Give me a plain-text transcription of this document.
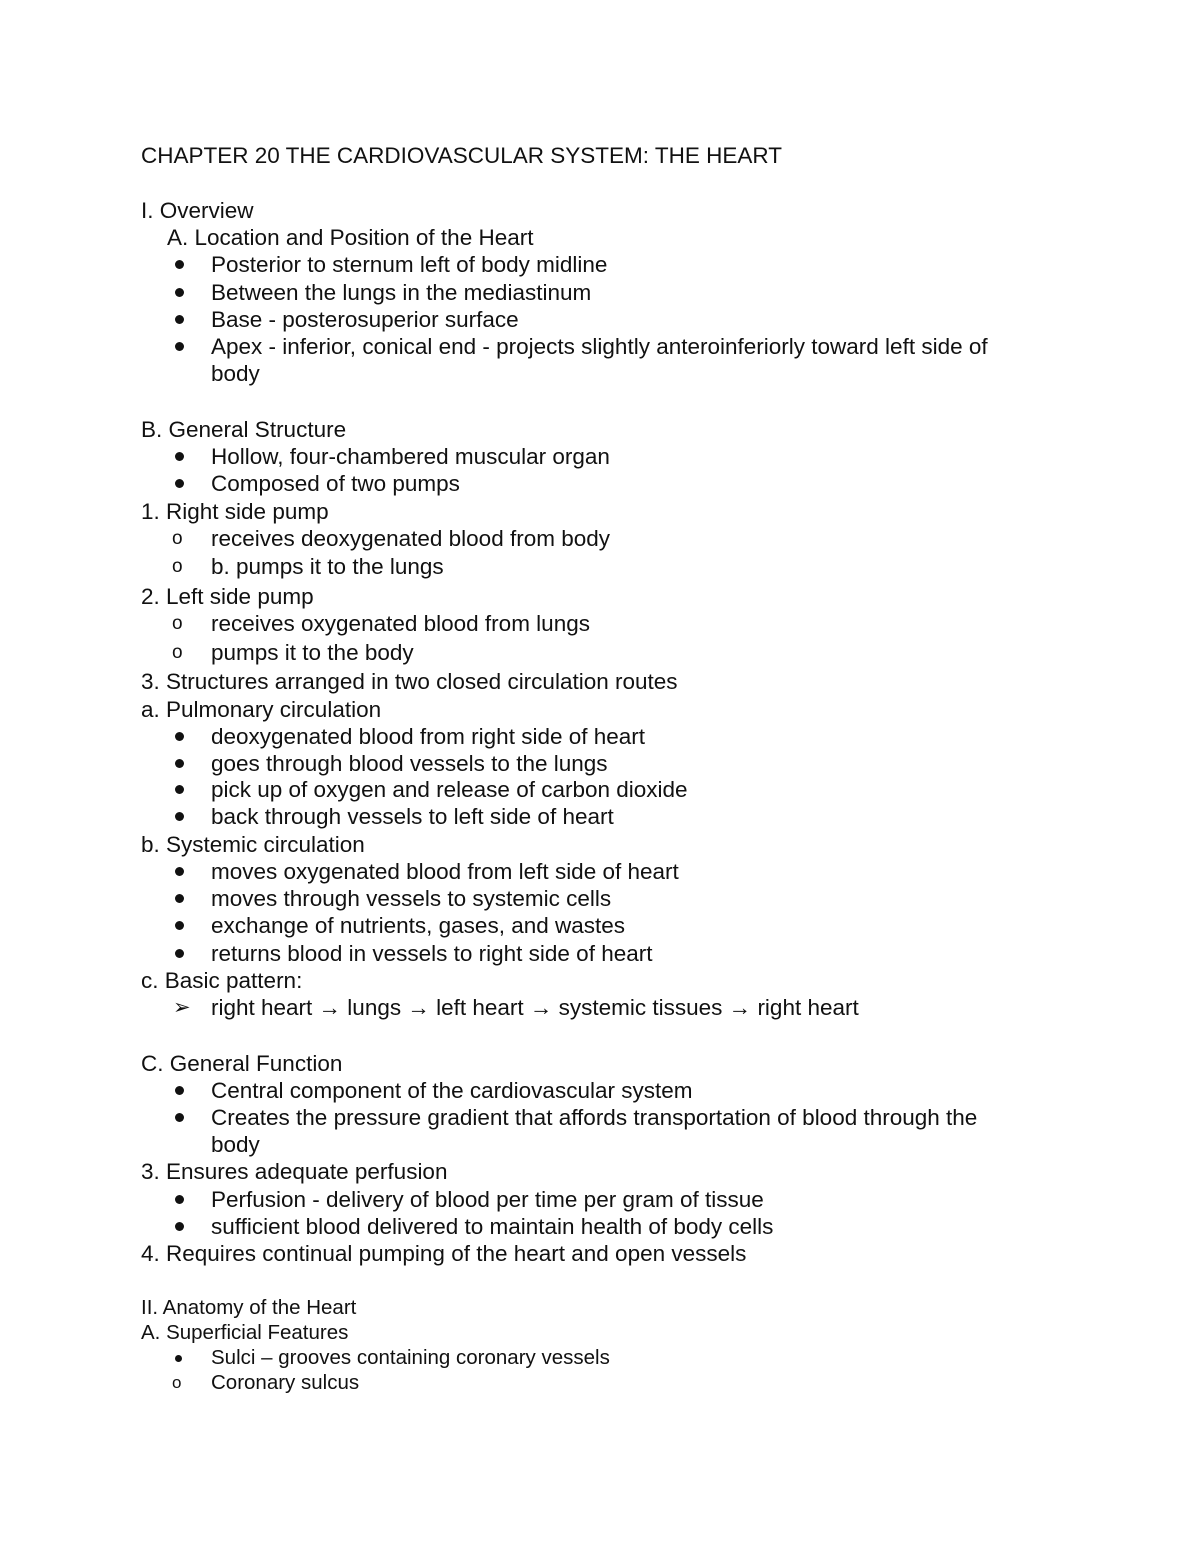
CHAPTER 20 THE CARDIOVASCULAR SYSTEM: THE HEART
I. Overview
A. Location and Position of the Heart
Posterior to sternum left of body midline
Between the lungs in the mediastinum
Base - posterosuperior surface
Apex - inferior, conical end - projects slightly anteroinferiorly toward left side of
body
B. General Structure
Hollow, four-chambered muscular organ
Composed of two pumps
1. Right side pump
o	receives deoxygenated blood from body
o	b. pumps it to the lungs
2. Left side pump
o	receives oxygenated blood from lungs
o	pumps it to the body
3. Structures arranged in two closed circulation routes
a. Pulmonary circulation
deoxygenated blood from right side of heart
goes through blood vessels to the lungs
pick up of oxygen and release of carbon dioxide
back through vessels to left side of heart
b. Systemic circulation
moves oxygenated blood from left side of heart
moves through vessels to systemic cells
exchange of nutrients, gases, and wastes
returns blood in vessels to right side of heart
c. Basic pattern:
➢ right heart → lungs → left heart → systemic tissues → right heart
C. General Function
Central component of the cardiovascular system
Creates the pressure gradient that affords transportation of blood through the
body
3. Ensures adequate perfusion
Perfusion - delivery of blood per time per gram of tissue
sufficient blood delivered to maintain health of body cells
4. Requires continual pumping of the heart and open vessels
II. Anatomy of the Heart
A. Superficial Features
Sulci – grooves containing coronary vessels
o	Coronary sulcus
